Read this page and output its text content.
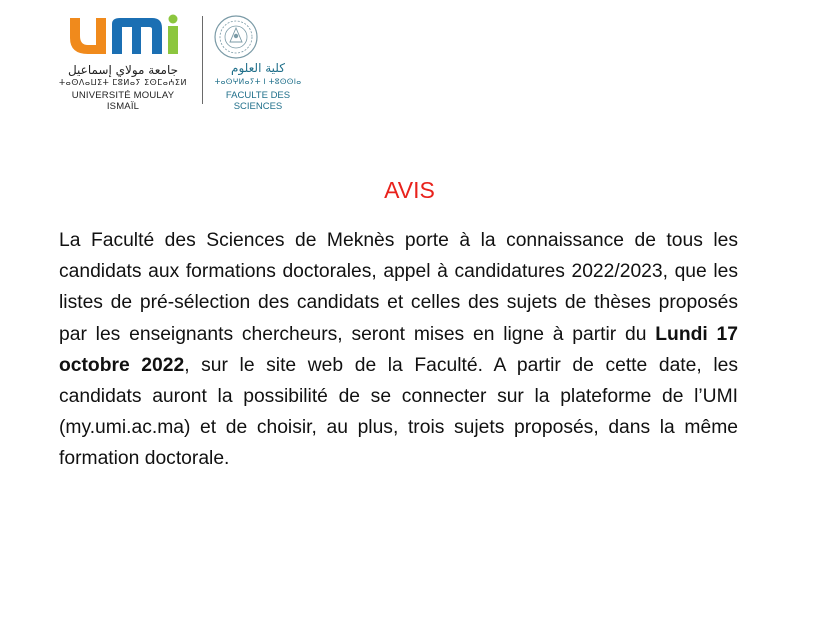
جامعة مولاي إسماعيل
ⵜⴰⵙⴷⴰⵡⵉⵜ ⵎⵓⵍⴰⵢ ⵉⵙⵎⴰⵄⵉⵍ
UNIVERSITÉ MOULAY ISMAÏL
كلية العلوم
ⵜⴰⵙⵖⵍⴰⵢⵜ ⵏ ⵜⵓⵙⵙⵏⴰ
FACULTE DES SCIENCES
AVIS

La Faculté des Sciences de Meknès porte à la connaissance de tous les candidats aux formations doctorales, appel à candidatures 2022/2023, que les listes de pré-sélection des candidats et celles des sujets de thèses proposés par les enseignants chercheurs, seront mises en ligne à partir du Lundi 17 octobre 2022, sur le site web de la Faculté. A partir de cette date, les candidats auront la possibilité de se connecter sur la plateforme de l’UMI (my.umi.ac.ma) et de choisir, au plus, trois sujets proposés, dans la même formation doctorale.
